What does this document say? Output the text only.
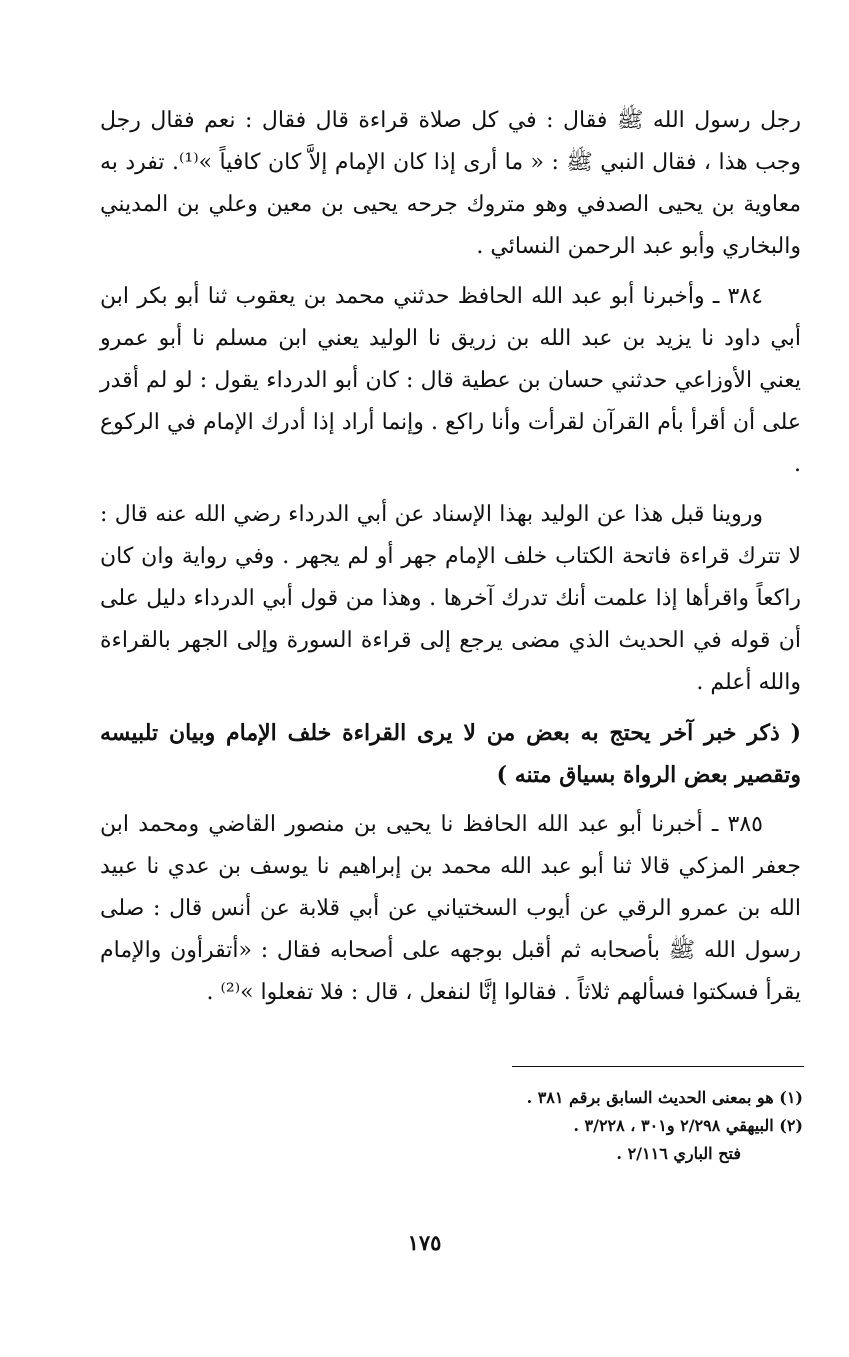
رجل رسول الله ﷺ فقال : في كل صلاة قراءة قال فقال : نعم فقال رجل وجب هذا ، فقال النبي ﷺ : « ما أرى إذا كان الإمام إلاَّ كان كافياً »⁽¹⁾. تفرد به معاوية بن يحيى الصدفي وهو متروك جرحه يحيى بن معين وعلي بن المديني والبخاري وأبو عبد الرحمن النسائي .

٣٨٤ ـ وأخبرنا أبو عبد الله الحافظ حدثني محمد بن يعقوب ثنا أبو بكر ابن أبي داود نا يزيد بن عبد الله بن زريق نا الوليد يعني ابن مسلم نا أبو عمرو يعني الأوزاعي حدثني حسان بن عطية قال : كان أبو الدرداء يقول : لو لم أقدر على أن أقرأ بأم القرآن لقرأت وأنا راكع . وإنما أراد إذا أدرك الإمام في الركوع .

وروينا قبل هذا عن الوليد بهذا الإسناد عن أبي الدرداء رضي الله عنه قال : لا تترك قراءة فاتحة الكتاب خلف الإمام جهر أو لم يجهر . وفي رواية وان كان راكعاً واقرأها إذا علمت أنك تدرك آخرها . وهذا من قول أبي الدرداء دليل على أن قوله في الحديث الذي مضى يرجع إلى قراءة السورة وإلى الجهر بالقراءة والله أعلم .

( ذكر خبر آخر يحتج به بعض من لا يرى القراءة خلف الإمام وبيان تلبيسه وتقصير بعض الرواة بسياق متنه )

٣٨٥ ـ أخبرنا أبو عبد الله الحافظ نا يحيى بن منصور القاضي ومحمد ابن جعفر المزكي قالا ثنا أبو عبد الله محمد بن إبراهيم نا يوسف بن عدي نا عبيد الله بن عمرو الرقي عن أيوب السختياني عن أبي قلابة عن أنس قال : صلى رسول الله ﷺ بأصحابه ثم أقبل بوجهه على أصحابه فقال : «أتقرأون والإمام يقرأ فسكتوا فسألهم ثلاثاً . فقالوا إنَّا لنفعل ، قال : فلا تفعلوا »⁽²⁾ .

(١) هو بمعنى الحديث السابق برقم ٣٨١ .

(٢) البيهقي ٢/٢٩٨ و٣٠١ ، ٣/٢٢٨ .

فتح الباري ٢/١١٦ .

١٧٥
